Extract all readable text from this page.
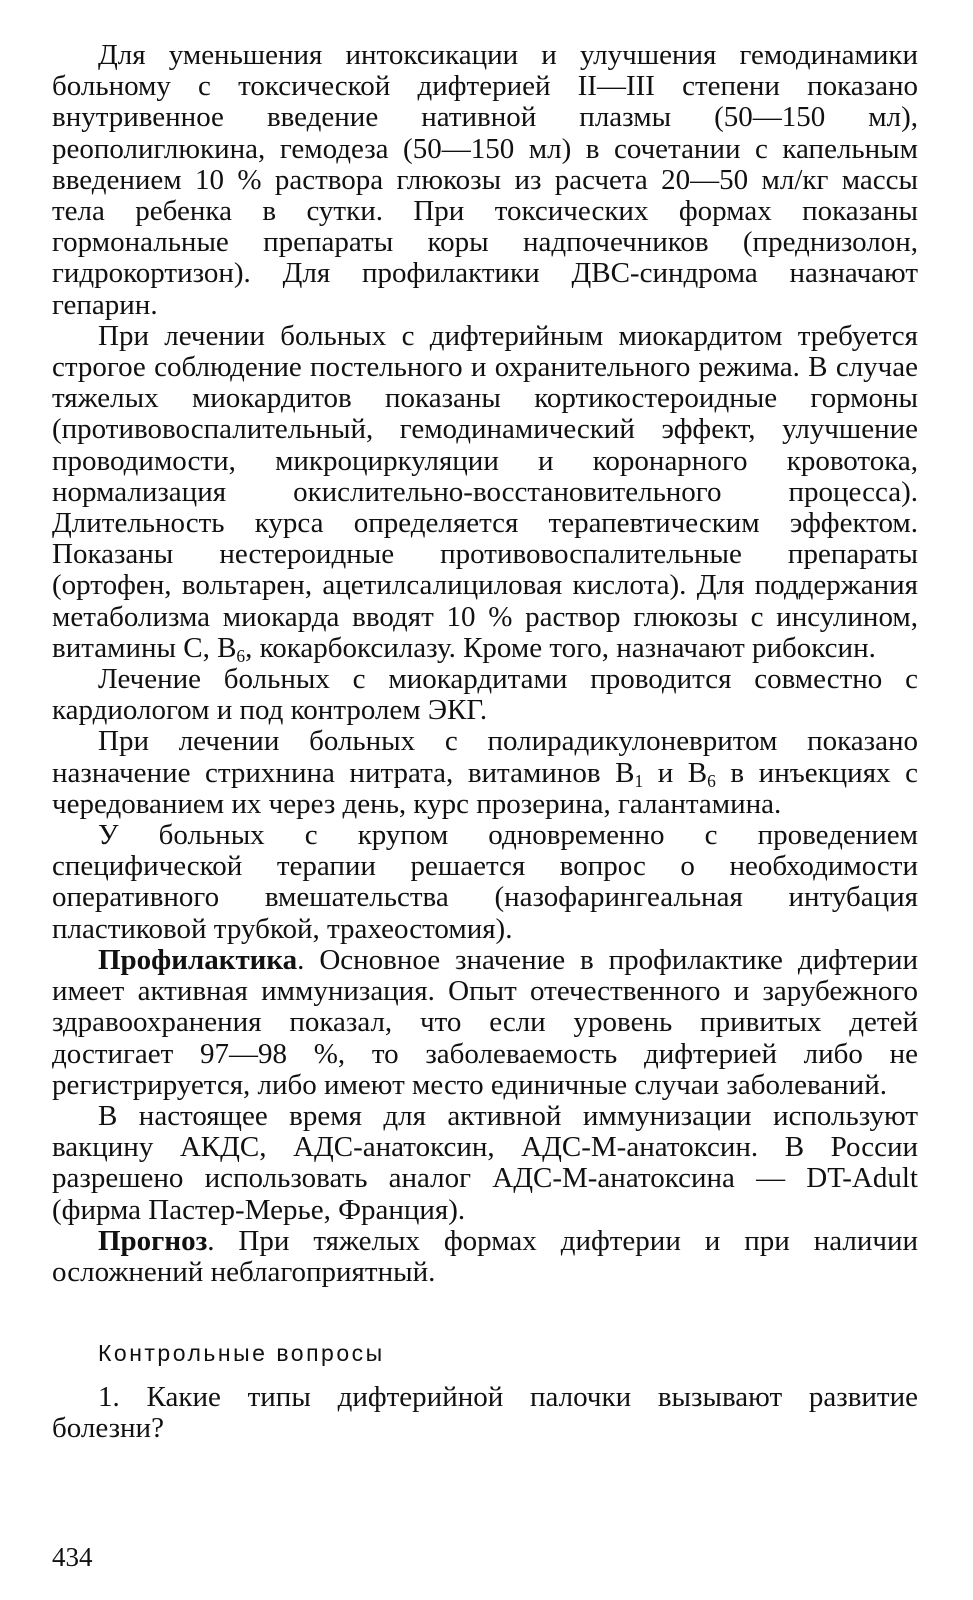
Для уменьшения интоксикации и улучшения гемодинамики больному с токсической дифтерией II—III степени показано внутривенное введение нативной плазмы (50—150 мл), реополиглюкина, гемодеза (50—150 мл) в сочетании с капельным введением 10 % раствора глюкозы из расчета 20—50 мл/кг массы тела ребенка в сутки. При токсических формах показаны гормональные препараты коры надпочечников (преднизолон, гидрокортизон). Для профилактики ДВС-синдрома назначают гепарин.

При лечении больных с дифтерийным миокардитом требуется строгое соблюдение постельного и охранительного режима. В случае тяжелых миокардитов показаны кортикостероидные гормоны (противовоспалительный, гемодинамический эффект, улучшение проводимости, микроциркуляции и коронарного кровотока, нормализация окислительно-восстановительного процесса). Длительность курса определяется терапевтическим эффектом. Показаны нестероидные противовоспалительные препараты (ортофен, вольтарен, ацетилсалициловая кислота). Для поддержания метаболизма миокарда вводят 10 % раствор глюкозы с инсулином, витамины С, $В_6$, кокарбоксилазу. Кроме того, назначают рибоксин.

Лечение больных с миокардитами проводится совместно с кардиологом и под контролем ЭКГ.

При лечении больных с полирадикулоневритом показано назначение стрихнина нитрата, витаминов $В_1$ и $В_6$ в инъекциях с чередованием их через день, курс прозерина, галантамина.

У больных с крупом одновременно с проведением специфической терапии решается вопрос о необходимости оперативного вмешательства (назофарингеальная интубация пластиковой трубкой, трахеостомия).

Профилактика. Основное значение в профилактике дифтерии имеет активная иммунизация. Опыт отечественного и зарубежного здравоохранения показал, что если уровень привитых детей достигает 97—98 %, то заболеваемость дифтерией либо не регистрируется, либо имеют место единичные случаи заболеваний.

В настоящее время для активной иммунизации используют вакцину АКДС, АДС-анатоксин, АДС-М-анатоксин. В России разрешено использовать аналог АДС-М-анатоксина — DT-Adult (фирма Пастер-Мерье, Франция).

Прогноз. При тяжелых формах дифтерии и при наличии осложнений неблагоприятный.

Контрольные вопросы

1. Какие типы дифтерийной палочки вызывают развитие болезни?

434
